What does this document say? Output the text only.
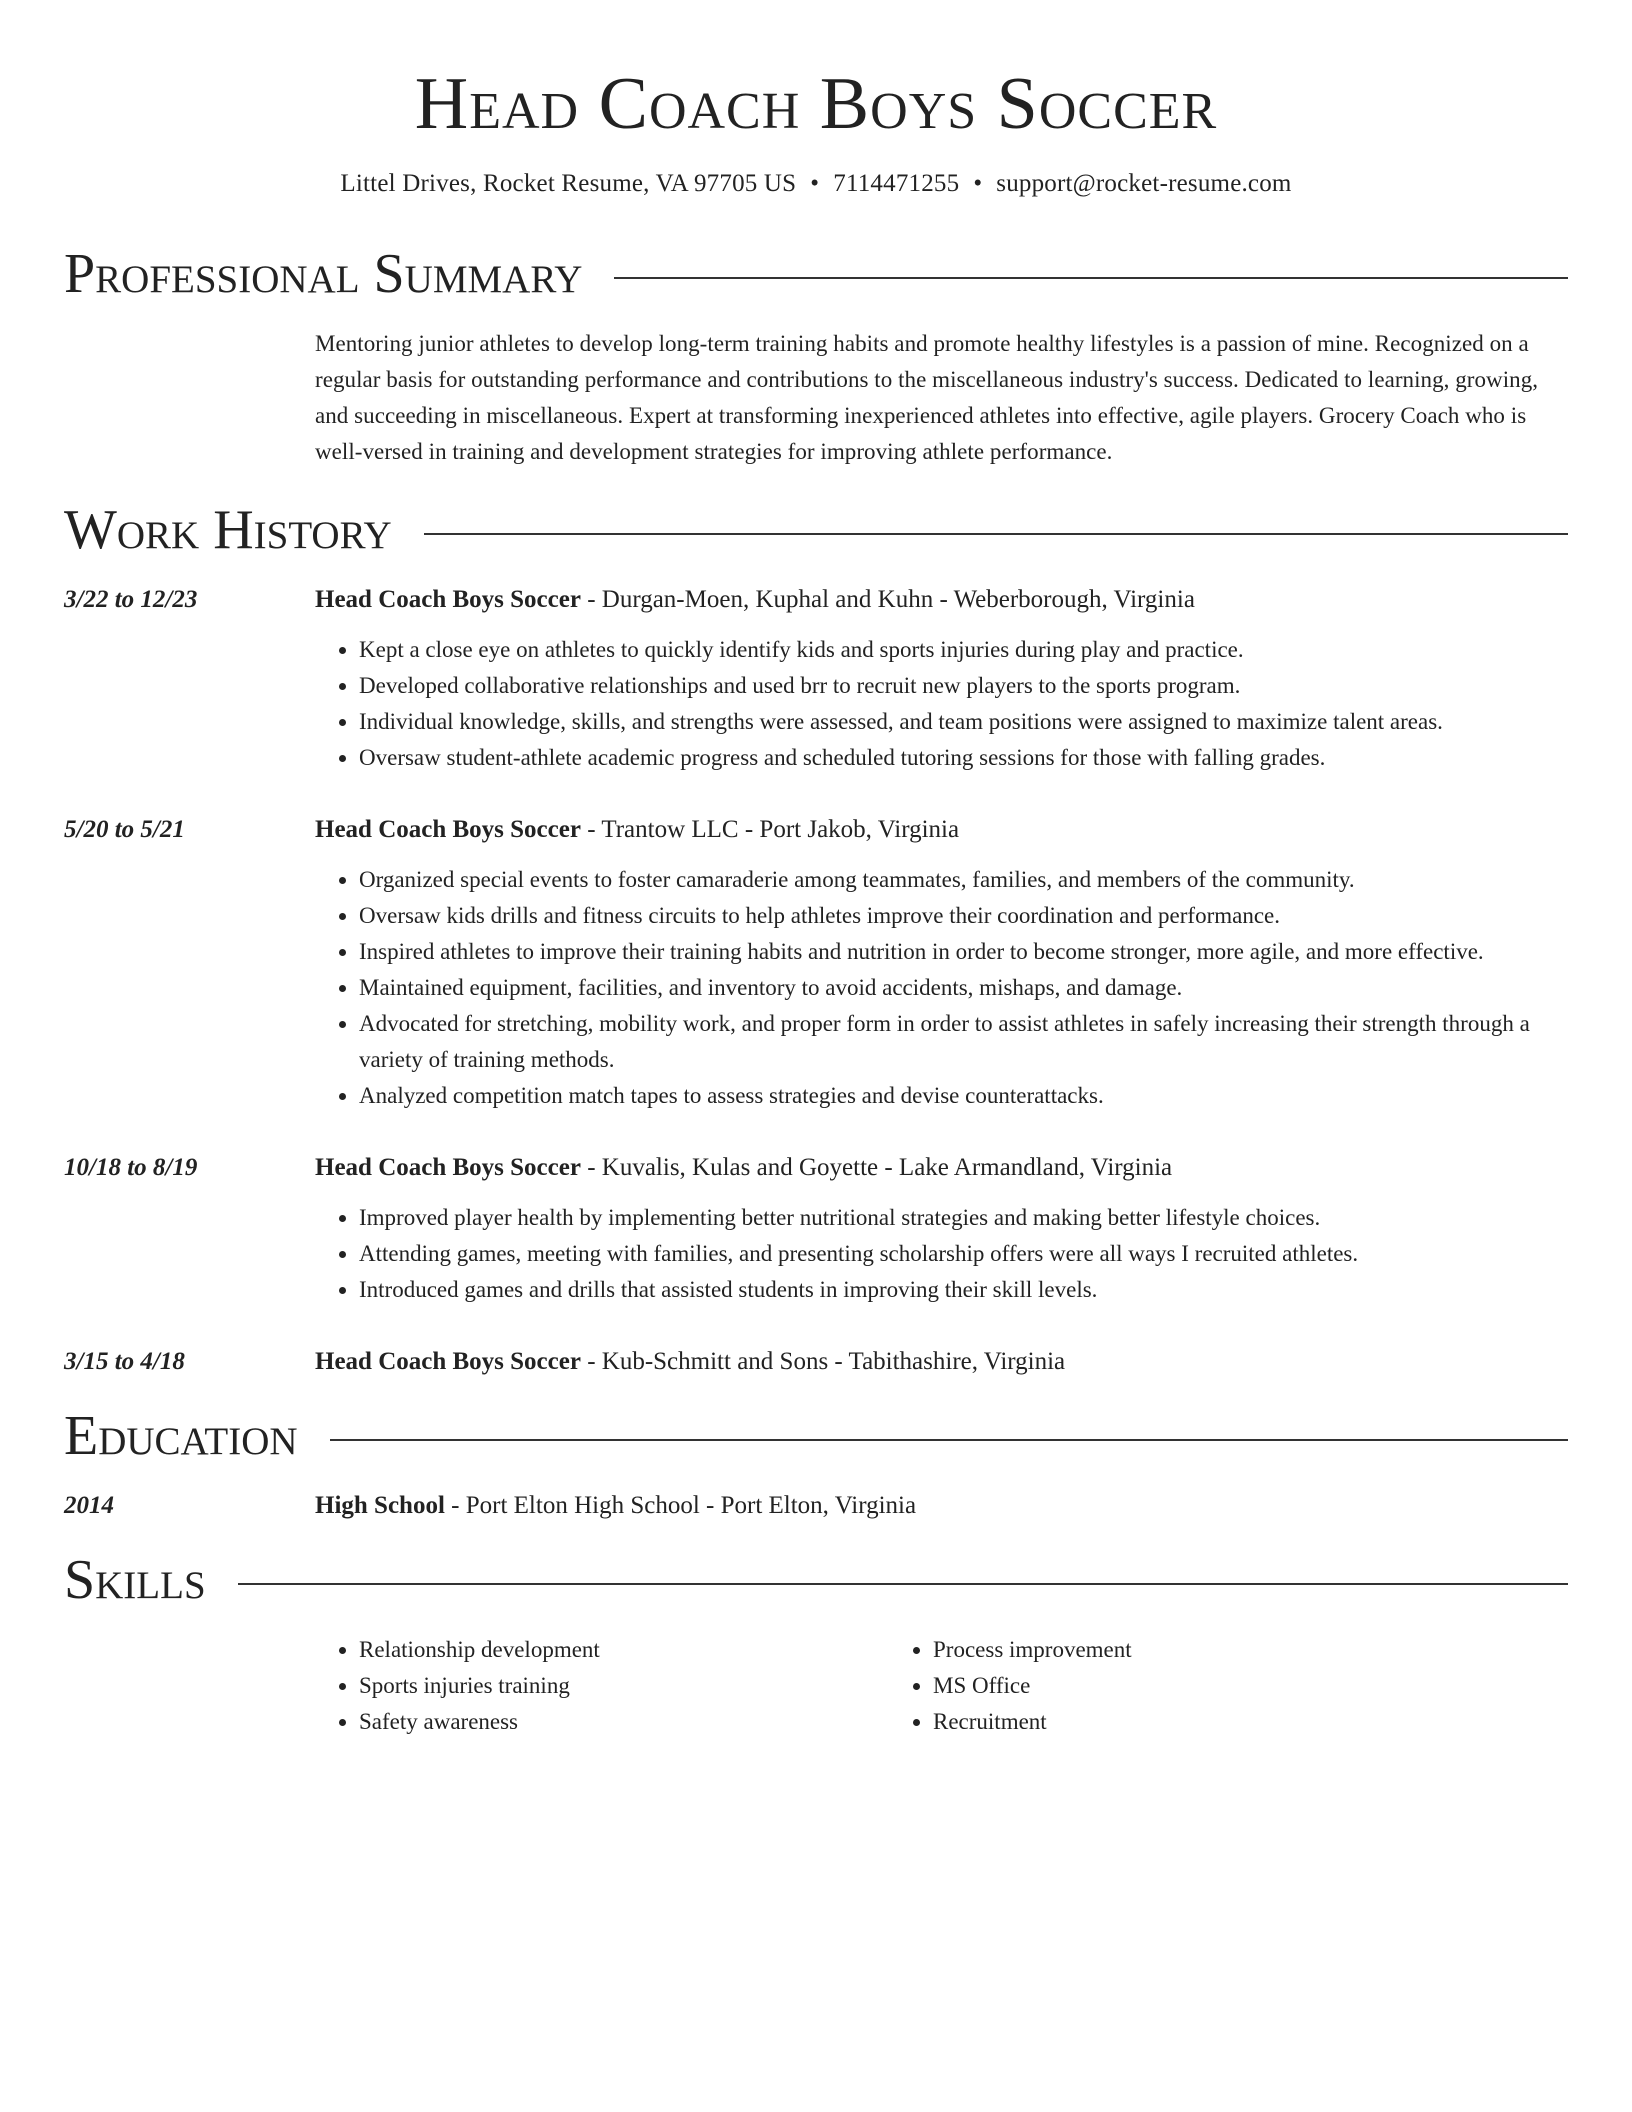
Head Coach Boys Soccer
Littel Drives, Rocket Resume, VA 97705 US • 7114471255 • support@rocket-resume.com
Professional Summary
Mentoring junior athletes to develop long-term training habits and promote healthy lifestyles is a passion of mine. Recognized on a regular basis for outstanding performance and contributions to the miscellaneous industry's success. Dedicated to learning, growing, and succeeding in miscellaneous. Expert at transforming inexperienced athletes into effective, agile players. Grocery Coach who is well-versed in training and development strategies for improving athlete performance.
Work History
3/22 to 12/23	Head Coach Boys Soccer - Durgan-Moen, Kuphal and Kuhn - Weberborough, Virginia
• Kept a close eye on athletes to quickly identify kids and sports injuries during play and practice.
• Developed collaborative relationships and used brr to recruit new players to the sports program.
• Individual knowledge, skills, and strengths were assessed, and team positions were assigned to maximize talent areas.
• Oversaw student-athlete academic progress and scheduled tutoring sessions for those with falling grades.
5/20 to 5/21	Head Coach Boys Soccer - Trantow LLC - Port Jakob, Virginia
• Organized special events to foster camaraderie among teammates, families, and members of the community.
• Oversaw kids drills and fitness circuits to help athletes improve their coordination and performance.
• Inspired athletes to improve their training habits and nutrition in order to become stronger, more agile, and more effective.
• Maintained equipment, facilities, and inventory to avoid accidents, mishaps, and damage.
• Advocated for stretching, mobility work, and proper form in order to assist athletes in safely increasing their strength through a variety of training methods.
• Analyzed competition match tapes to assess strategies and devise counterattacks.
10/18 to 8/19	Head Coach Boys Soccer - Kuvalis, Kulas and Goyette - Lake Armandland, Virginia
• Improved player health by implementing better nutritional strategies and making better lifestyle choices.
• Attending games, meeting with families, and presenting scholarship offers were all ways I recruited athletes.
• Introduced games and drills that assisted students in improving their skill levels.
3/15 to 4/18	Head Coach Boys Soccer - Kub-Schmitt and Sons - Tabithashire, Virginia
Education
2014	High School - Port Elton High School - Port Elton, Virginia
Skills
• Relationship development
• Sports injuries training
• Safety awareness
• Process improvement
• MS Office
• Recruitment
